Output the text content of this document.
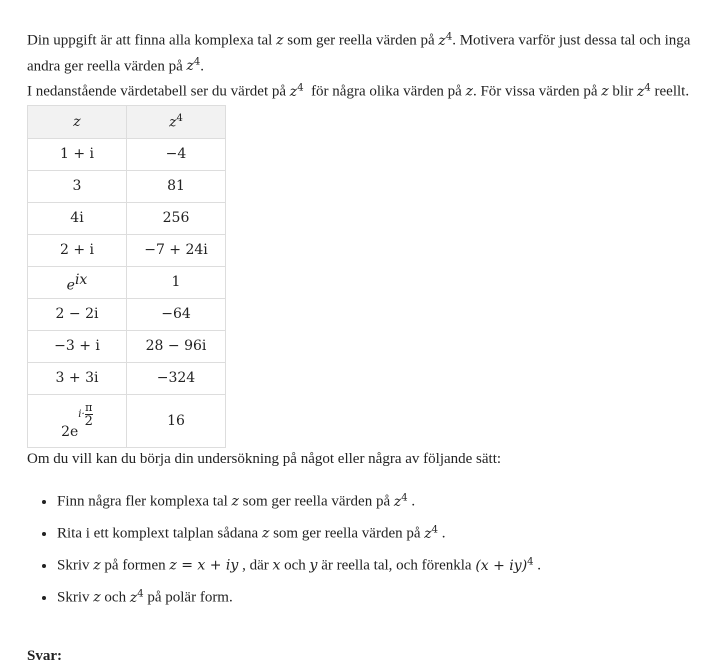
Din uppgift är att finna alla komplexa tal z som ger reella värden på $z^4$. Motivera varför just dessa tal och inga andra ger reella värden på $z^4$.

I nedanstående värdetabell ser du värdet på $z^4$ för några olika värden på z. För vissa värden på z blir $z^4$ reellt.

z	$z^4$
1 + i	−4
3	81
4i	256
2 + i	−7 + 24i
$e^{ix}$	1
2 − 2i	−64
−3 + i	28 − 96i
3 + 3i	−324

2e
i·
π
2	16

Om du vill kan du börja din undersökning på något eller några av följande sätt:

• Finn några fler komplexa tal z som ger reella värden på $z^4$ .
• Rita i ett komplext talplan sådana z som ger reella värden på $z^4$ .
• Skriv z på formen z = x + iy , där x och y är reella tal, och förenkla (x + iy)$^4$ .
• Skriv z och $z^4$ på polär form.

Svar:
